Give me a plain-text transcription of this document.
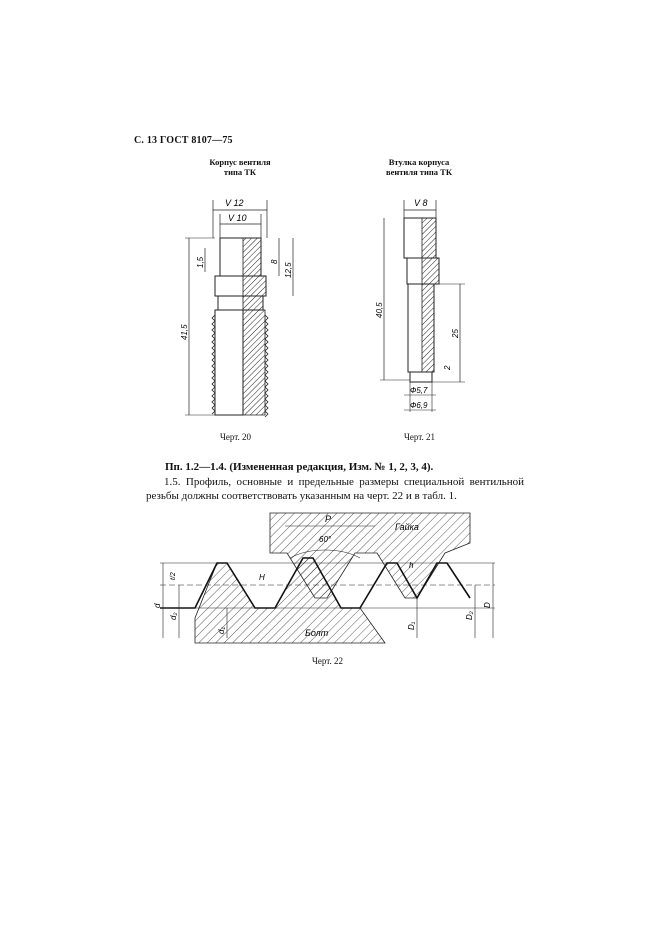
С. 13 ГОСТ 8107—75
Корпус вентиля
типа ТК
Втулка корпуса
вентиля типа ТК
V 12
V 10
1,5	8
12,5
41,5
V 8
40,5
25
2
Ф5,7
Ф6,9
Черт. 20	Черт. 21
Пп. 1.2—1.4. (Измененная редакция, Изм. № 1, 2, 3, 4).
1.5. Профиль, основные и предельные размеры специальной вентильной резьбы должны соответствовать указанным на черт. 22 и в табл. 1.
P
60°
Гайка
Болт
H
h
d
d₂
d₁
D
D₂
D₁
t/2
Черт. 22
